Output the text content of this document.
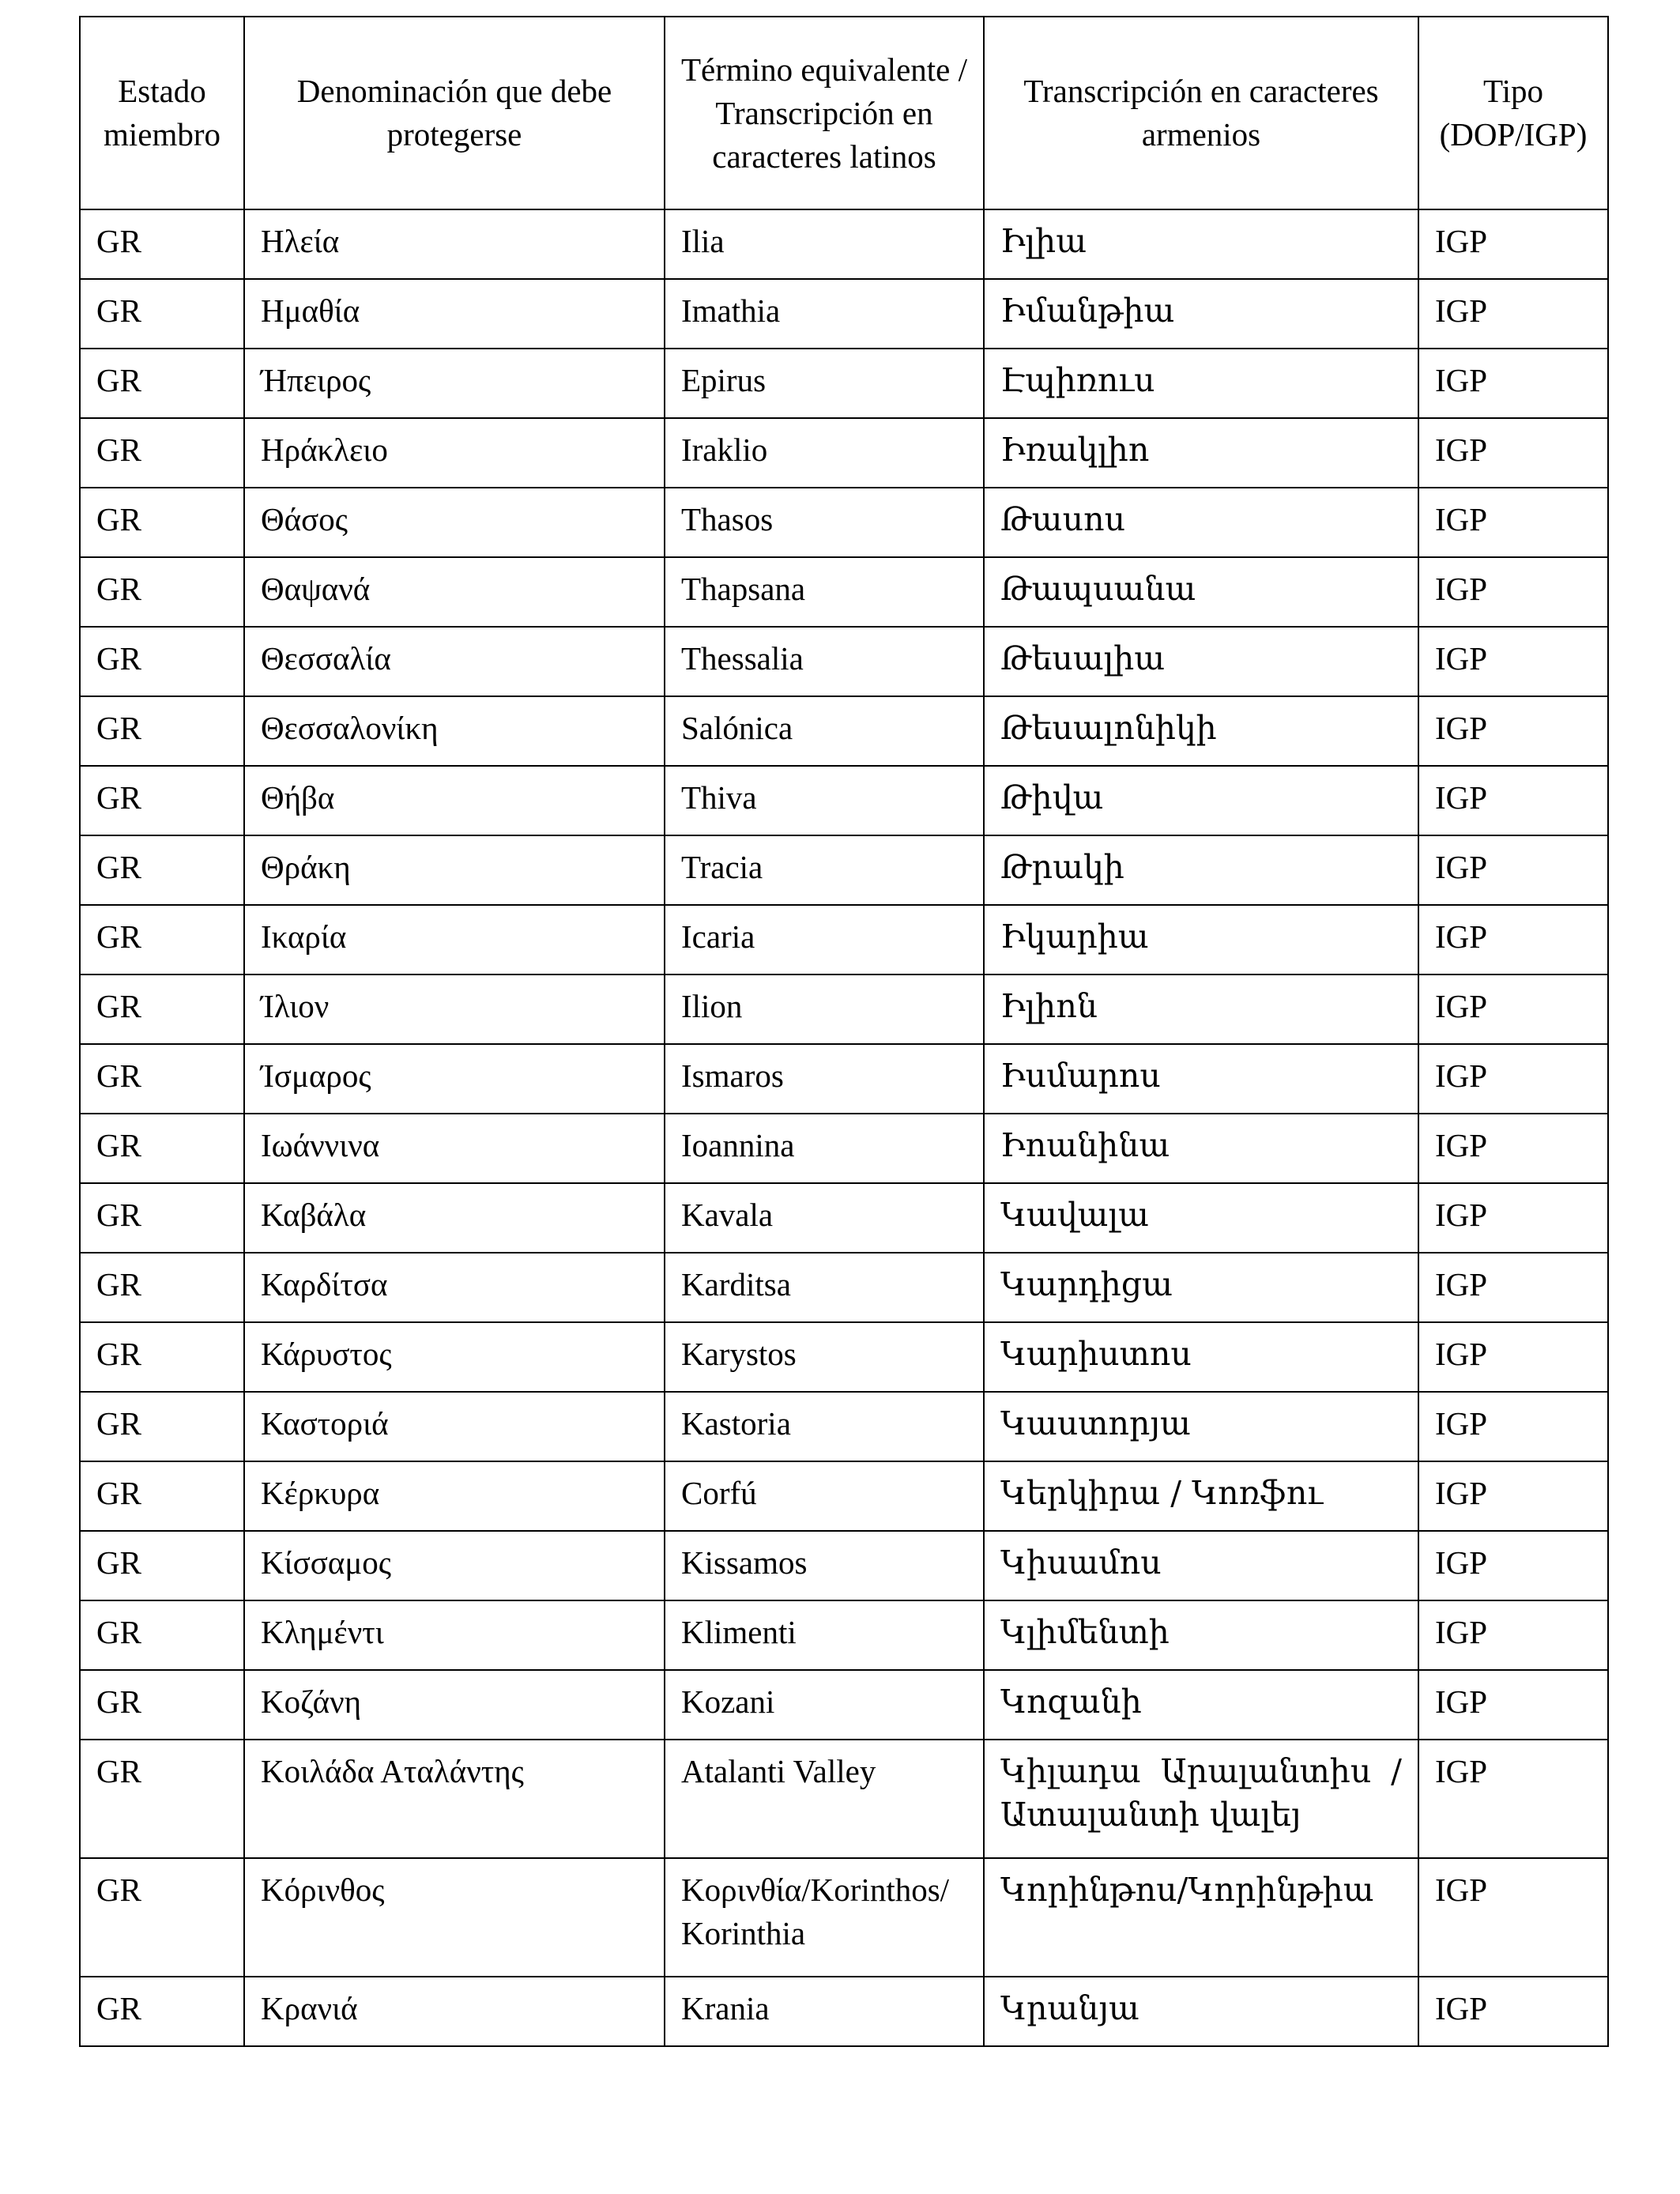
Estado miembro	Denominación que debe protegerse	Término equivalente / Transcripción en caracteres latinos	Transcripción en caracteres armenios	Tipo (DOP/IGP)
GR	Ηλεία	Ilia	Իլիա	IGP
GR	Ημαθία	Imathia	Իմանթիա	IGP
GR	Ήπειρος	Epirus	Էպիռուս	IGP
GR	Ηράκλειο	Iraklio	Իռակլիո	IGP
GR	Θάσος	Thasos	Թասոս	IGP
GR	Θαψανά	Thapsana	Թապսանա	IGP
GR	Θεσσαλία	Thessalia	Թեսալիա	IGP
GR	Θεσσαλονίκη	Salónica	Թեսալոնիկի	IGP
GR	Θήβα	Thiva	Թիվա	IGP
GR	Θράκη	Tracia	Թրակի	IGP
GR	Ικαρία	Icaria	Իկարիա	IGP
GR	Ίλιον	Ilion	Իլիոն	IGP
GR	Ίσμαρος	Ismaros	Իսմարոս	IGP
GR	Ιωάννινα	Ioannina	Իոանինա	IGP
GR	Καβάλα	Kavala	Կավալա	IGP
GR	Καρδίτσα	Karditsa	Կարդիցա	IGP
GR	Κάρυστος	Karystos	Կարիստոս	IGP
GR	Καστοριά	Kastoria	Կաստորյա	IGP
GR	Κέρκυρα	Corfú	Կերկիրա / Կոռֆու	IGP
GR	Κίσσαμος	Kissamos	Կիսամոս	IGP
GR	Κλημέντι	Klimenti	Կլիմենտի	IGP
GR	Κοζάνη	Kozani	Կոզանի	IGP
GR	Κοιλάδα Αταλάντης	Atalanti Valley	Կիլադա Արալանտիս / Ատալանտի վալեյ	IGP
GR	Κόρινθος	Κορινθία/Korinthos/Korinthia	Կորինթոս/Կորինթիա	IGP
GR	Κρανιά	Krania	Կրանյա	IGP
